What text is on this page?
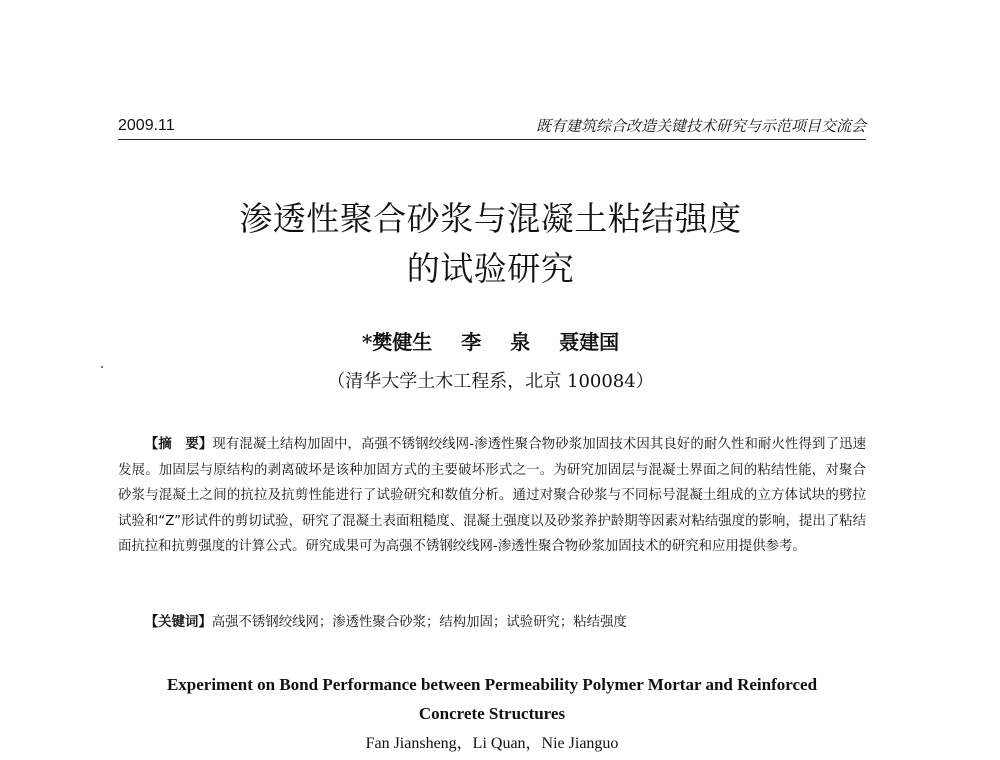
2009.11	既有建筑综合改造关键技术研究与示范项目交流会
渗透性聚合砂浆与混凝土粘结强度
的试验研究
*樊健生 李 泉 聂建国
（清华大学土木工程系，北京 100084）
【摘　要】现有混凝土结构加固中，高强不锈钢绞线网-渗透性聚合物砂浆加固技术因其良好的耐久性和耐火性得到了迅速发展。加固层与原结构的剥离破坏是该种加固方式的主要破坏形式之一。为研究加固层与混凝土界面之间的粘结性能，对聚合砂浆与混凝土之间的抗拉及抗剪性能进行了试验研究和数值分析。通过对聚合砂浆与不同标号混凝土组成的立方体试块的劈拉试验和“Z”形试件的剪切试验，研究了混凝土表面粗糙度、混凝土强度以及砂浆养护龄期等因素对粘结强度的影响，提出了粘结面抗拉和抗剪强度的计算公式。研究成果可为高强不锈钢绞线网-渗透性聚合物砂浆加固技术的研究和应用提供参考。
【关键词】高强不锈钢绞线网；渗透性聚合砂浆；结构加固；试验研究；粘结强度
Experiment on Bond Performance between Permeability Polymer Mortar and Reinforced
Concrete Structures
Fan Jiansheng，Li Quan，Nie Jianguo
